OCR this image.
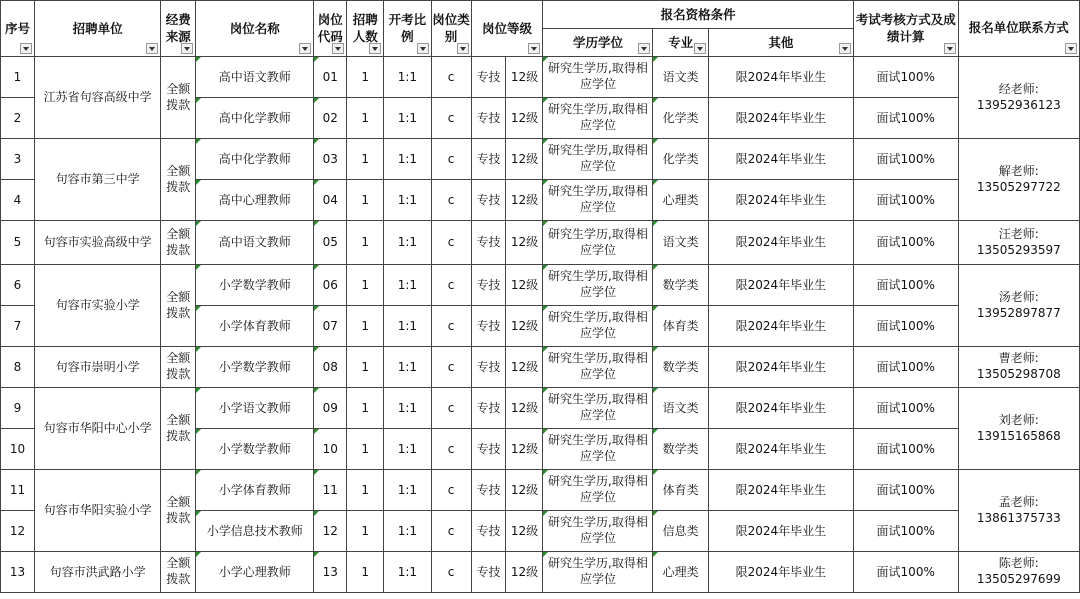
序号	招聘单位	经费来源	岗位名称	岗位代码	招聘人数	开考比例	岗位类别	岗位等级		报名资格条件			考试考核方式及成绩计算	报名单位联系方式

										学历学位	专业	其他		

1	江苏省句容高级中学	全额拨款	高中语文教师	01	1	1:1	c	专技	12级	研究生学历,取得相应学位	语文类	限2024年毕业生	面试100%	经老师:
13952936123
2			高中化学教师	02	1	1:1	c	专技	12级	研究生学历,取得相应学位	化学类	限2024年毕业生	面试100%	
3	句容市第三中学	全额拨款	高中化学教师	03	1	1:1	c	专技	12级	研究生学历,取得相应学位	化学类	限2024年毕业生	面试100%	解老师:
13505297722
4			高中心理教师	04	1	1:1	c	专技	12级	研究生学历,取得相应学位	心理类	限2024年毕业生	面试100%	
5	句容市实验高级中学	全额拨款	高中语文教师	05	1	1:1	c	专技	12级	研究生学历,取得相应学位	语文类	限2024年毕业生	面试100%	汪老师:
13505293597
6	句容市实验小学	全额拨款	小学数学教师	06	1	1:1	c	专技	12级	研究生学历,取得相应学位	数学类	限2024年毕业生	面试100%	汤老师:
13952897877
7			小学体育教师	07	1	1:1	c	专技	12级	研究生学历,取得相应学位	体育类	限2024年毕业生	面试100%	
8	句容市崇明小学	全额拨款	小学数学教师	08	1	1:1	c	专技	12级	研究生学历,取得相应学位	数学类	限2024年毕业生	面试100%	曹老师:
13505298708
9	句容市华阳中心小学	全额拨款	小学语文教师	09	1	1:1	c	专技	12级	研究生学历,取得相应学位	语文类	限2024年毕业生	面试100%	刘老师:
13915165868
10			小学数学教师	10	1	1:1	c	专技	12级	研究生学历,取得相应学位	数学类	限2024年毕业生	面试100%	
11	句容市华阳实验小学	全额拨款	小学体育教师	11	1	1:1	c	专技	12级	研究生学历,取得相应学位	体育类	限2024年毕业生	面试100%	孟老师:
13861375733
12			小学信息技术教师	12	1	1:1	c	专技	12级	研究生学历,取得相应学位	信息类	限2024年毕业生	面试100%	
13	句容市洪武路小学	全额拨款	小学心理教师	13	1	1:1	c	专技	12级	研究生学历,取得相应学位	心理类	限2024年毕业生	面试100%	陈老师:
13505297699
